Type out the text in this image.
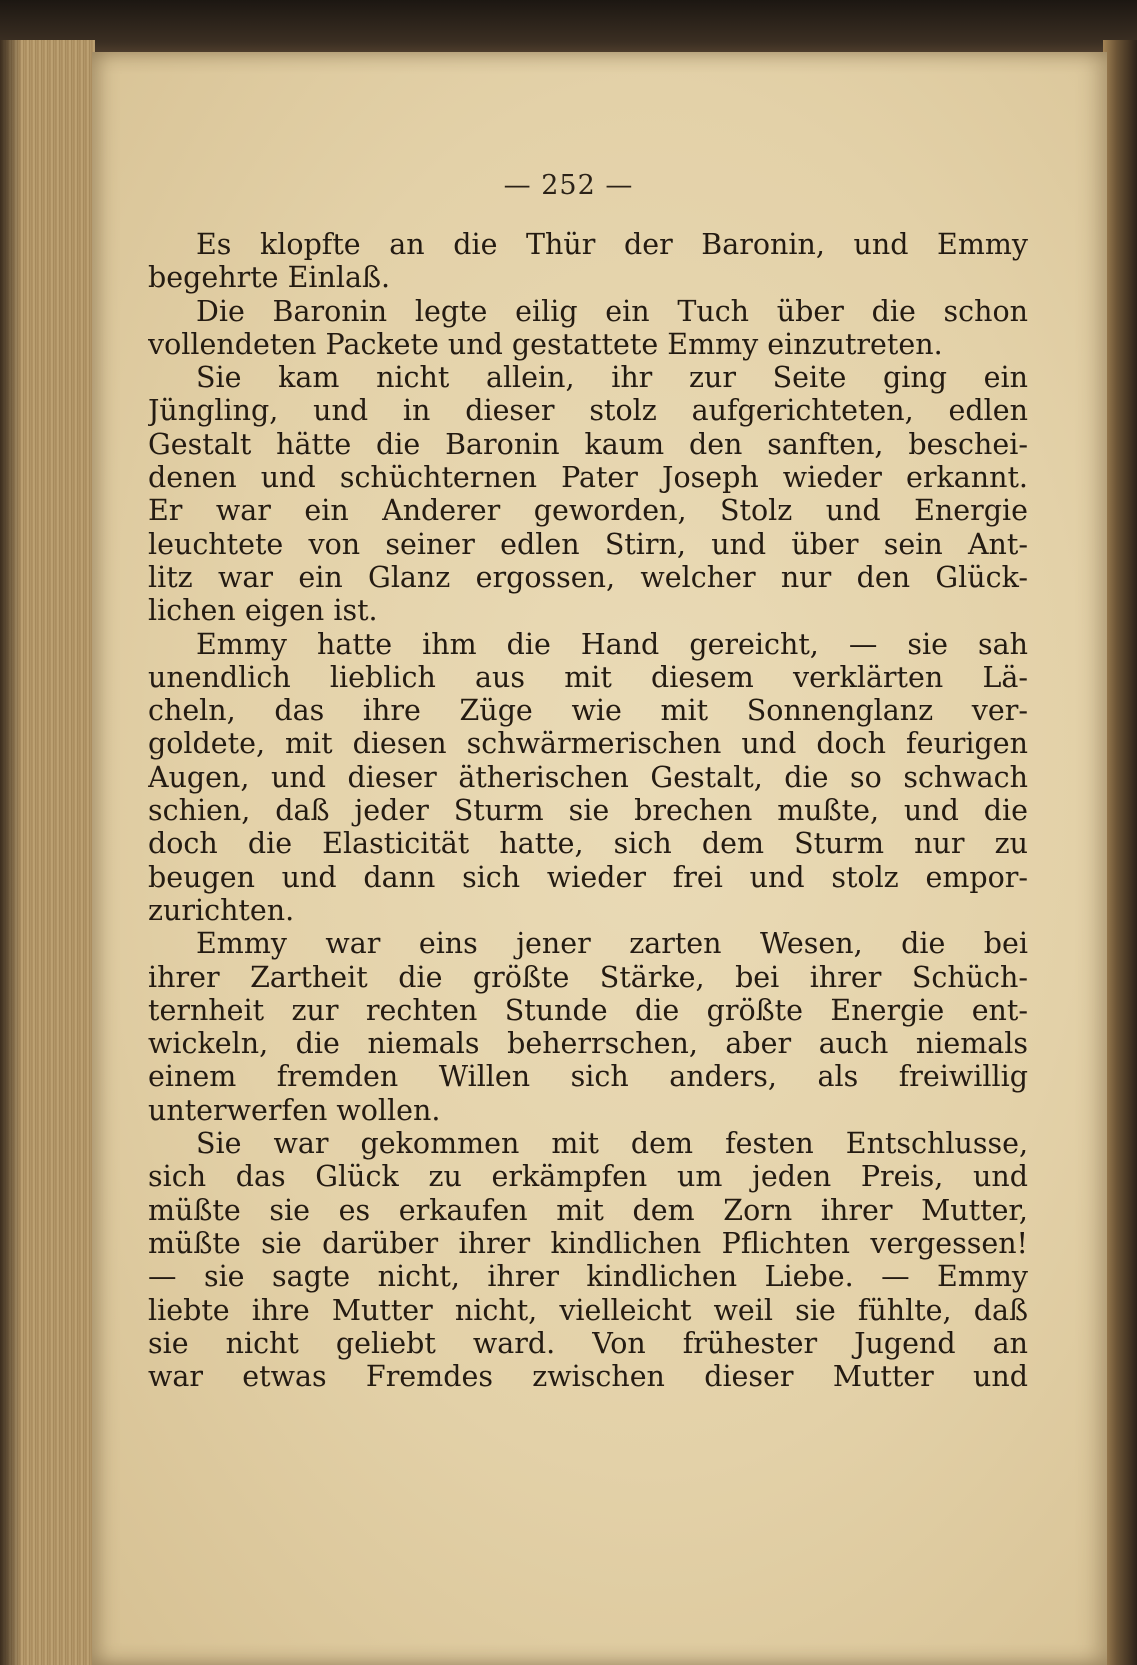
— 252 —
Es klopfte an die Thür der Baronin, und Emmy
begehrte Einlaß.
Die Baronin legte eilig ein Tuch über die schon
vollendeten Packete und gestattete Emmy einzutreten.
Sie kam nicht allein, ihr zur Seite ging ein
Jüngling, und in dieser stolz aufgerichteten, edlen
Gestalt hätte die Baronin kaum den sanften, beschei-
denen und schüchternen Pater Joseph wieder erkannt.
Er war ein Anderer geworden, Stolz und Energie
leuchtete von seiner edlen Stirn, und über sein Ant-
litz war ein Glanz ergossen, welcher nur den Glück-
lichen eigen ist.
Emmy hatte ihm die Hand gereicht, — sie sah
unendlich lieblich aus mit diesem verklärten Lä-
cheln, das ihre Züge wie mit Sonnenglanz ver-
goldete, mit diesen schwärmerischen und doch feurigen
Augen, und dieser ätherischen Gestalt, die so schwach
schien, daß jeder Sturm sie brechen mußte, und die
doch die Elasticität hatte, sich dem Sturm nur zu
beugen und dann sich wieder frei und stolz empor-
zurichten.
Emmy war eins jener zarten Wesen, die bei
ihrer Zartheit die größte Stärke, bei ihrer Schüch-
ternheit zur rechten Stunde die größte Energie ent-
wickeln, die niemals beherrschen, aber auch niemals
einem fremden Willen sich anders, als freiwillig
unterwerfen wollen.
Sie war gekommen mit dem festen Entschlusse,
sich das Glück zu erkämpfen um jeden Preis, und
müßte sie es erkaufen mit dem Zorn ihrer Mutter,
müßte sie darüber ihrer kindlichen Pflichten vergessen!
— sie sagte nicht, ihrer kindlichen Liebe. — Emmy
liebte ihre Mutter nicht, vielleicht weil sie fühlte, daß
sie nicht geliebt ward. Von frühester Jugend an
war etwas Fremdes zwischen dieser Mutter und
